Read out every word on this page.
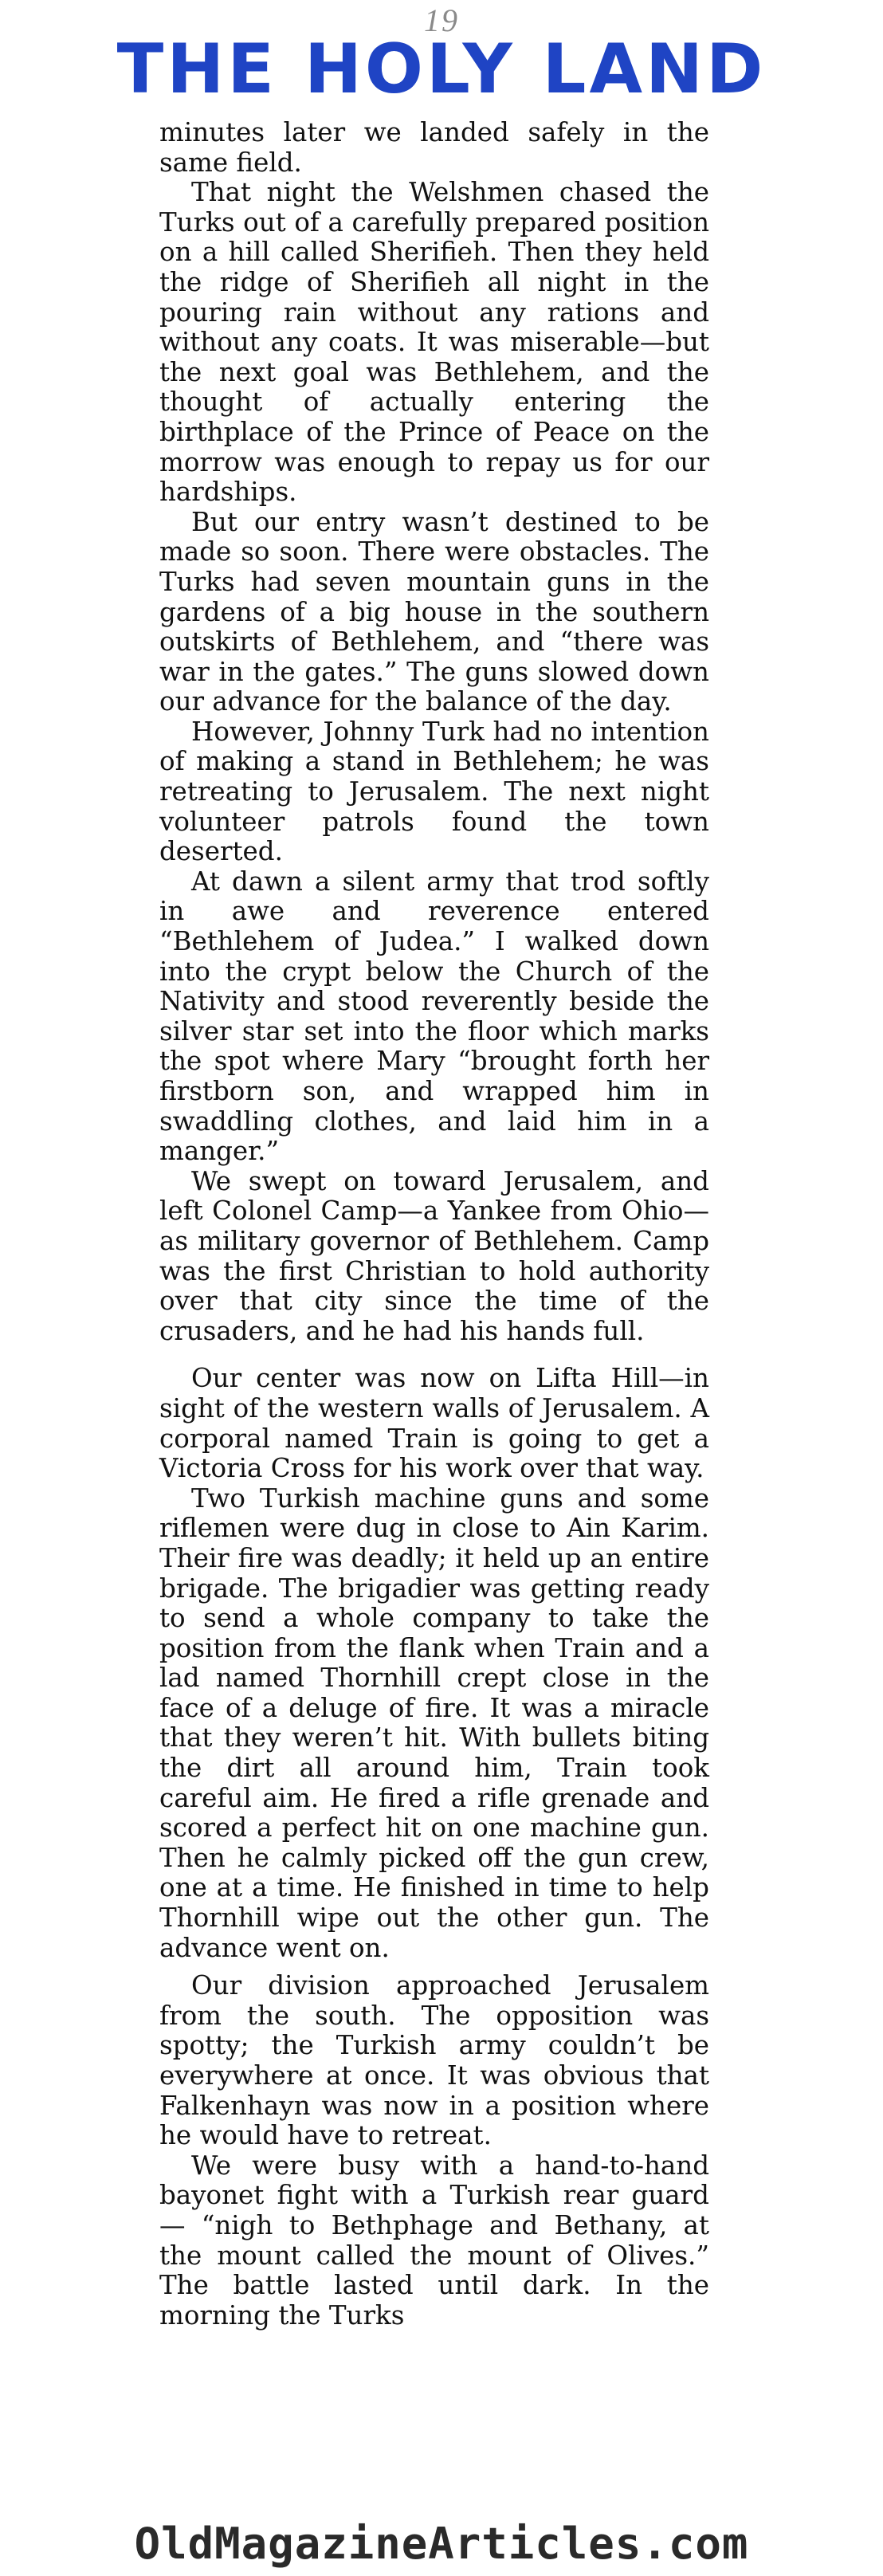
19
THE HOLY LAND

minutes later we landed safely in the same field.

That night the Welshmen chased the Turks out of a carefully prepared position on a hill called Sherifieh. Then they held the ridge of Sherifieh all night in the pouring rain without any rations and without any coats. It was miserable—but the next goal was Bethlehem, and the thought of actually entering the birthplace of the Prince of Peace on the morrow was enough to repay us for our hardships.

But our entry wasn’t destined to be made so soon. There were obstacles. The Turks had seven mountain guns in the gardens of a big house in the southern outskirts of Bethlehem, and “there was war in the gates.” The guns slowed down our advance for the balance of the day.

However, Johnny Turk had no intention of making a stand in Bethlehem; he was retreating to Jerusalem. The next night volunteer patrols found the town deserted.

At dawn a silent army that trod softly in awe and reverence entered “Bethlehem of Judea.” I walked down into the crypt below the Church of the Nativity and stood reverently beside the silver star set into the floor which marks the spot where Mary “brought forth her firstborn son, and wrapped him in swaddling clothes, and laid him in a manger.”

We swept on toward Jerusalem, and left Colonel Camp—a Yankee from Ohio—as military governor of Bethlehem. Camp was the first Christian to hold authority over that city since the time of the crusaders, and he had his hands full.

Our center was now on Lifta Hill—in sight of the western walls of Jerusalem. A corporal named Train is going to get a Victoria Cross for his work over that way.

Two Turkish machine guns and some riflemen were dug in close to Ain Karim. Their fire was deadly; it held up an entire brigade. The brigadier was getting ready to send a whole company to take the position from the flank when Train and a lad named Thornhill crept close in the face of a deluge of fire. It was a miracle that they weren’t hit. With bullets biting the dirt all around him, Train took careful aim. He fired a rifle grenade and scored a perfect hit on one machine gun. Then he calmly picked off the gun crew, one at a time. He finished in time to help Thornhill wipe out the other gun. The advance went on.

Our division approached Jerusalem from the south. The opposition was spotty; the Turkish army couldn’t be everywhere at once. It was obvious that Falkenhayn was now in a position where he would have to retreat.

We were busy with a hand-to-hand bayonet fight with a Turkish rear guard — “nigh to Bethphage and Bethany, at the mount called the mount of Olives.” The battle lasted until dark. In the morning the Turks

OldMagazineArticles.com
